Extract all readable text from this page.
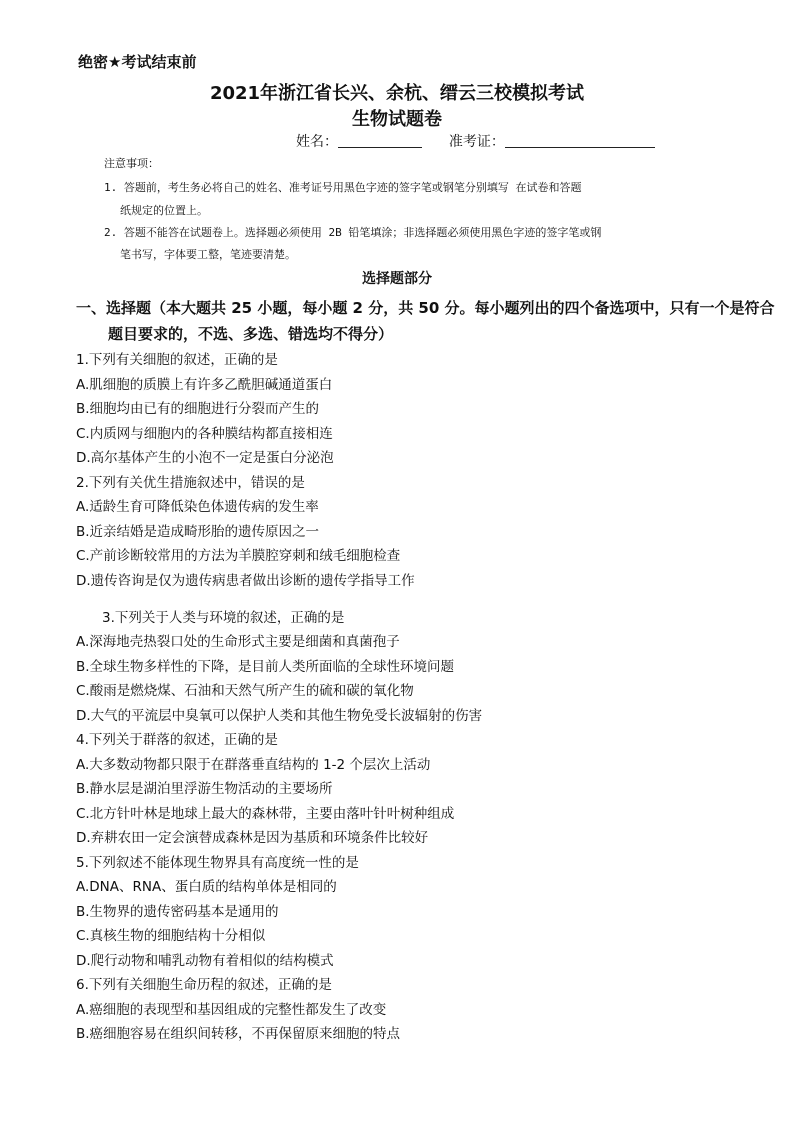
绝密★考试结束前
2021年浙江省长兴、余杭、缙云三校模拟考试
生物试题卷
姓名：	准考证：
注意事项：
1. 答题前，考生务必将自己的姓名、准考证号用黑色字迹的签字笔或钢笔分别填写 在试卷和答题
纸规定的位置上。
2. 答题不能答在试题卷上。选择题必须使用 2B 铅笔填涂；非选择题必须使用黑色字迹的签字笔或钢
笔书写，字体要工整，笔迹要清楚。
选择题部分
一、选择题（本大题共 25 小题，每小题 2 分，共 50 分。每小题列出的四个备选项中，只有一个是符合
题目要求的，不选、多选、错选均不得分）
1.下列有关细胞的叙述，正确的是
A.肌细胞的质膜上有许多乙酰胆碱通道蛋白
B.细胞均由已有的细胞进行分裂而产生的
C.内质网与细胞内的各种膜结构都直接相连
D.高尔基体产生的小泡不一定是蛋白分泌泡
2.下列有关优生措施叙述中，错误的是
A.适龄生育可降低染色体遗传病的发生率
B.近亲结婚是造成畸形胎的遗传原因之一
C.产前诊断较常用的方法为羊膜腔穿刺和绒毛细胞检查
D.遗传咨询是仅为遗传病患者做出诊断的遗传学指导工作
3.下列关于人类与环境的叙述，正确的是
A.深海地壳热裂口处的生命形式主要是细菌和真菌孢子
B.全球生物多样性的下降，是目前人类所面临的全球性环境问题
C.酸雨是燃烧煤、石油和天然气所产生的硫和碳的氧化物
D.大气的平流层中臭氧可以保护人类和其他生物免受长波辐射的伤害
4.下列关于群落的叙述，正确的是
A.大多数动物都只限于在群落垂直结构的 1-2 个层次上活动
B.静水层是湖泊里浮游生物活动的主要场所
C.北方针叶林是地球上最大的森林带，主要由落叶针叶树种组成
D.弃耕农田一定会演替成森林是因为基质和环境条件比较好
5.下列叙述不能体现生物界具有高度统一性的是
A.DNA、RNA、蛋白质的结构单体是相同的
B.生物界的遗传密码基本是通用的
C.真核生物的细胞结构十分相似
D.爬行动物和哺乳动物有着相似的结构模式
6.下列有关细胞生命历程的叙述，正确的是
A.癌细胞的表现型和基因组成的完整性都发生了改变
B.癌细胞容易在组织间转移，不再保留原来细胞的特点
